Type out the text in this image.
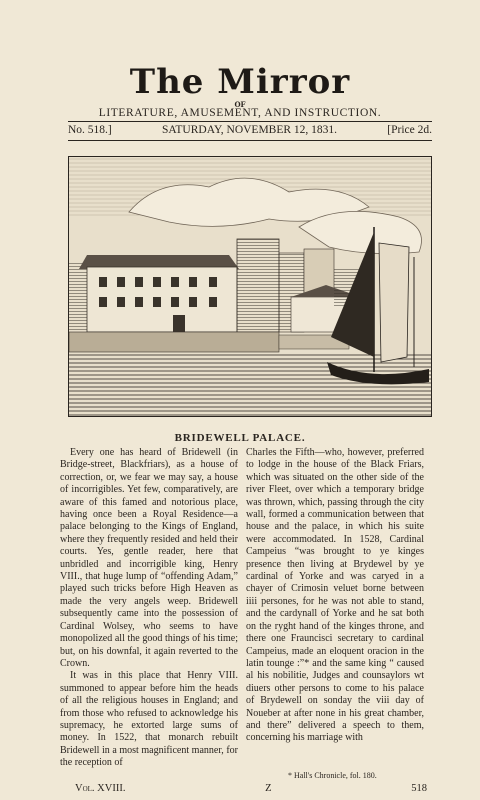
The Mirror
OF
LITERATURE, AMUSEMENT, AND INSTRUCTION.
No. 518.]	SATURDAY, NOVEMBER 12, 1831.	[Price 2d.
BRIDEWELL PALACE.

Every one has heard of Bridewell (in Bridge-street, Blackfriars), as a house of correction, or, we fear we may say, a house of incorrigibles. Yet few, comparatively, are aware of this famed and notorious place, having once been a Royal Residence—a palace belonging to the Kings of England, where they frequently resided and held their courts. Yes, gentle reader, here that unbridled and incorrigible king, Henry VIII., that huge lump of “offending Adam,” played such tricks before High Heaven as made the very angels weep. Bridewell subsequently came into the possession of Cardinal Wolsey, who seems to have monopolized all the good things of his time; but, on his downfal, it again reverted to the Crown.

It was in this place that Henry VIII. summoned to appear before him the heads of all the religious houses in England; and from those who refused to acknowledge his supremacy, he extorted large sums of money. In 1522, that monarch rebuilt Bridewell in a most magnificent manner, for the reception of

Charles the Fifth—who, however, preferred to lodge in the house of the Black Friars, which was situated on the other side of the river Fleet, over which a temporary bridge was thrown, which, passing through the city wall, formed a communication between that house and the palace, in which his suite were accommodated. In 1528, Cardinal Campeius “was brought to ye kinges presence then living at Brydewel by ye cardinal of Yorke and was caryed in a chayer of Crimosin veluet borne between iiii persones, for he was not able to stand, and the cardynall of Yorke and he sat both on the ryght hand of the kinges throne, and there one Frauncisci secretary to cardinal Campeius, made an eloquent oracion in the latin tounge :”* and the same king “ caused al his nobilitie, Judges and counsaylors wt diuers other persons to come to his palace of Brydewell on sonday the viii day of Noueber at after none in his great chamber, and there” delivered a speech to them, concerning his marriage with

* Hall's Chronicle, fol. 180.
Vol. XVIII.	Z	518
